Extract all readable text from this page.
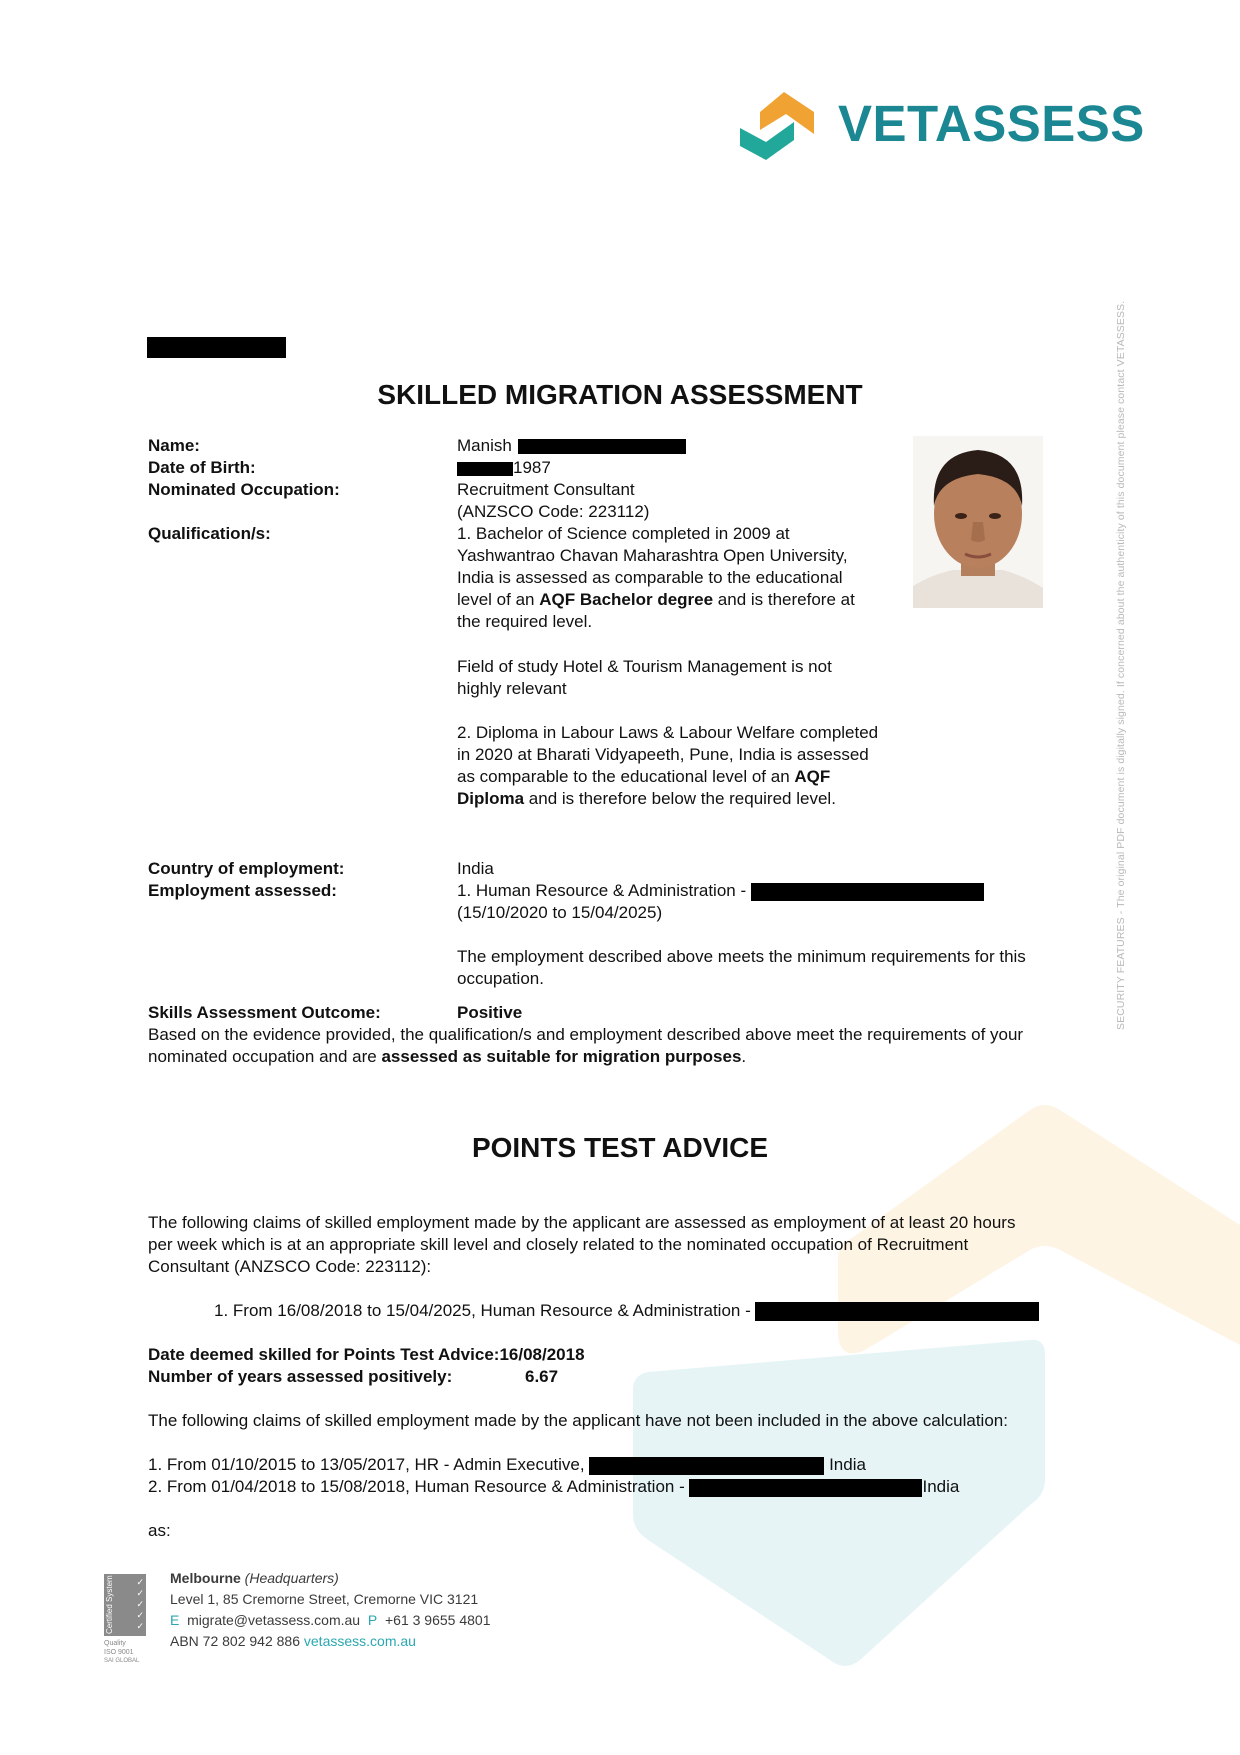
VETASSESS
SECURITY FEATURES - The original PDF document is digitally signed. If concerned about the authenticity of this document please contact VETASSESS.
SKILLED MIGRATION ASSESSMENT
Name:	Manish
Date of Birth:	1987
Nominated Occupation:	Recruitment Consultant
(ANZSCO Code: 223112)
Qualification/s:	1. Bachelor of Science completed in 2009 at
Yashwantrao Chavan Maharashtra Open University,
India is assessed as comparable to the educational
level of an AQF Bachelor degree and is therefore at
the required level.
Field of study Hotel & Tourism Management is not
highly relevant
2. Diploma in Labour Laws & Labour Welfare completed
in 2020 at Bharati Vidyapeeth, Pune, India is assessed
as comparable to the educational level of an AQF
Diploma and is therefore below the required level.
Country of employment:	India
Employment assessed:	1. Human Resource & Administration -
(15/10/2020 to 15/04/2025)
The employment described above meets the minimum requirements for this
occupation.
Skills Assessment Outcome:	Positive
Based on the evidence provided, the qualification/s and employment described above meet the requirements of your
nominated occupation and are assessed as suitable for migration purposes.
POINTS TEST ADVICE
The following claims of skilled employment made by the applicant are assessed as employment of at least 20 hours
per week which is at an appropriate skill level and closely related to the nominated occupation of Recruitment
Consultant (ANZSCO Code: 223112):
1. From 16/08/2018 to 15/04/2025, Human Resource & Administration -
Date deemed skilled for Points Test Advice:16/08/2018
Number of years assessed positively:	6.67
The following claims of skilled employment made by the applicant have not been included in the above calculation:
1. From 01/10/2015 to 13/05/2017, HR - Admin Executive,	India
2. From 01/04/2018 to 15/08/2018, Human Resource & Administration -	India
as:
Certified System ✓
✓
✓
✓
✓
Quality
ISO 9001
SAI GLOBAL
Melbourne (Headquarters)
Level 1, 85 Cremorne Street, Cremorne VIC 3121
E migrate@vetassess.com.au P +61 3 9655 4801
ABN 72 802 942 886 vetassess.com.au
